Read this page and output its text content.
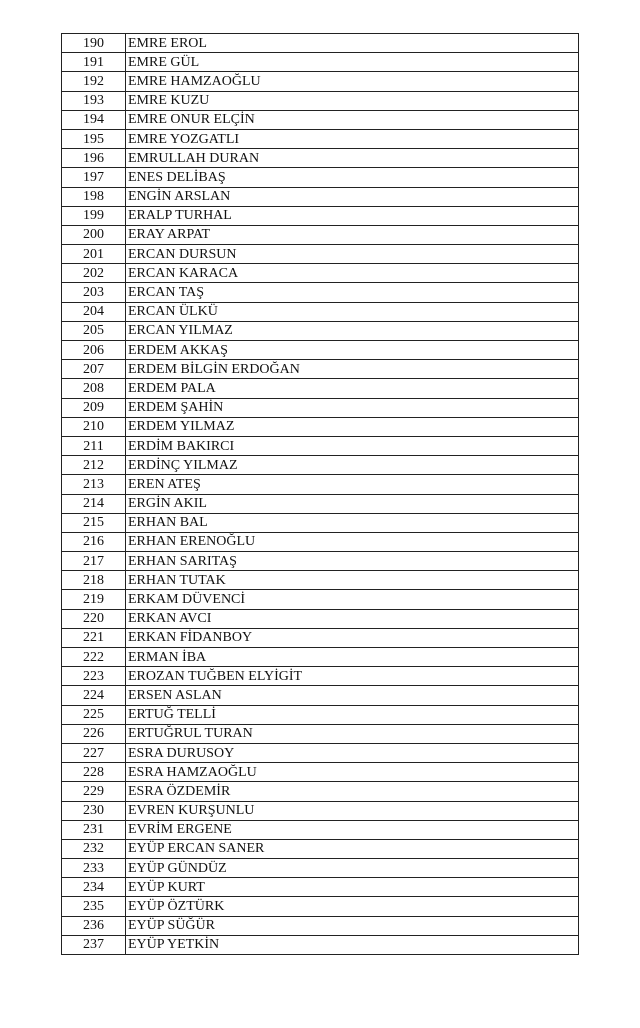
190	EMRE EROL
191	EMRE GÜL
192	EMRE HAMZAOĞLU
193	EMRE KUZU
194	EMRE ONUR ELÇİN
195	EMRE YOZGATLI
196	EMRULLAH DURAN
197	ENES DELİBAŞ
198	ENGİN ARSLAN
199	ERALP TURHAL
200	ERAY ARPAT
201	ERCAN DURSUN
202	ERCAN KARACA
203	ERCAN TAŞ
204	ERCAN ÜLKÜ
205	ERCAN YILMAZ
206	ERDEM AKKAŞ
207	ERDEM BİLGİN ERDOĞAN
208	ERDEM PALA
209	ERDEM ŞAHİN
210	ERDEM YILMAZ
211	ERDİM BAKIRCI
212	ERDİNÇ YILMAZ
213	EREN ATEŞ
214	ERGİN AKIL
215	ERHAN BAL
216	ERHAN ERENOĞLU
217	ERHAN SARITAŞ
218	ERHAN TUTAK
219	ERKAM DÜVENCİ
220	ERKAN AVCI
221	ERKAN FİDANBOY
222	ERMAN İBA
223	EROZAN TUĞBEN ELYİGİT
224	ERSEN ASLAN
225	ERTUĞ TELLİ
226	ERTUĞRUL TURAN
227	ESRA DURUSOY
228	ESRA HAMZAOĞLU
229	ESRA ÖZDEMİR
230	EVREN KURŞUNLU
231	EVRİM ERGENE
232	EYÜP ERCAN SANER
233	EYÜP GÜNDÜZ
234	EYÜP KURT
235	EYÜP ÖZTÜRK
236	EYÜP SÜĞÜR
237	EYÜP YETKİN
